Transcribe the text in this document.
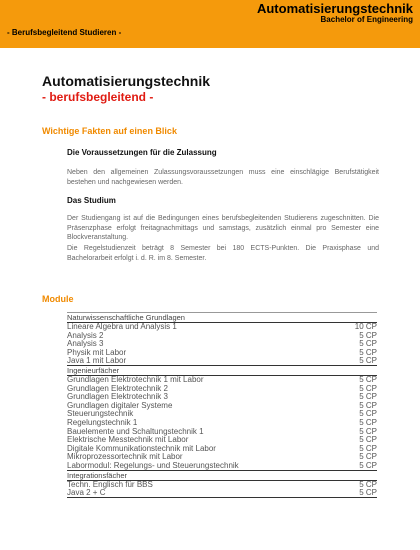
Automatisierungstechnik
Bachelor of Engineering
- Berufsbegleitend Studieren -
Automatisierungstechnik
- berufsbegleitend -
Wichtige Fakten auf einen Blick
Die Voraussetzungen für die Zulassung
Neben den allgemeinen Zulassungsvoraussetzungen muss eine einschlägige Berufstätigkeit bestehen und nachgewiesen werden.
Das Studium
Der Studiengang ist auf die Bedingungen eines berufsbegleitenden Studierens zugeschnitten. Die Präsenzphase erfolgt freitagnachmittags und samstags, zusätzlich einmal pro Semester eine Blockveranstaltung.
Die Regelstudienzeit beträgt 8 Semester bei 180 ECTS-Punkten. Die Praxisphase und Bachelorarbeit erfolgt i. d. R. im 8. Semester.
Module
Naturwissenschaftliche Grundlagen
Lineare Algebra und Analysis 1	10 CP
Analysis 2	5 CP
Analysis 3	5 CP
Physik mit Labor	5 CP
Java 1 mit Labor	5 CP
Ingenieurfächer
Grundlagen Elektrotechnik 1 mit Labor	5 CP
Grundlagen Elektrotechnik 2	5 CP
Grundlagen Elektrotechnik 3	5 CP
Grundlagen digitaler Systeme	5 CP
Steuerungstechnik	5 CP
Regelungstechnik 1	5 CP
Bauelemente und Schaltungstechnik 1	5 CP
Elektrische Messtechnik mit Labor	5 CP
Digitale Kommunikationstechnik mit Labor	5 CP
Mikroprozessortechnik mit Labor	5 CP
Labormodul: Regelungs- und Steuerungstechnik	5 CP
Integrationsfächer
Techn. Englisch für BBS	5 CP
Java 2 + C	5 CP
